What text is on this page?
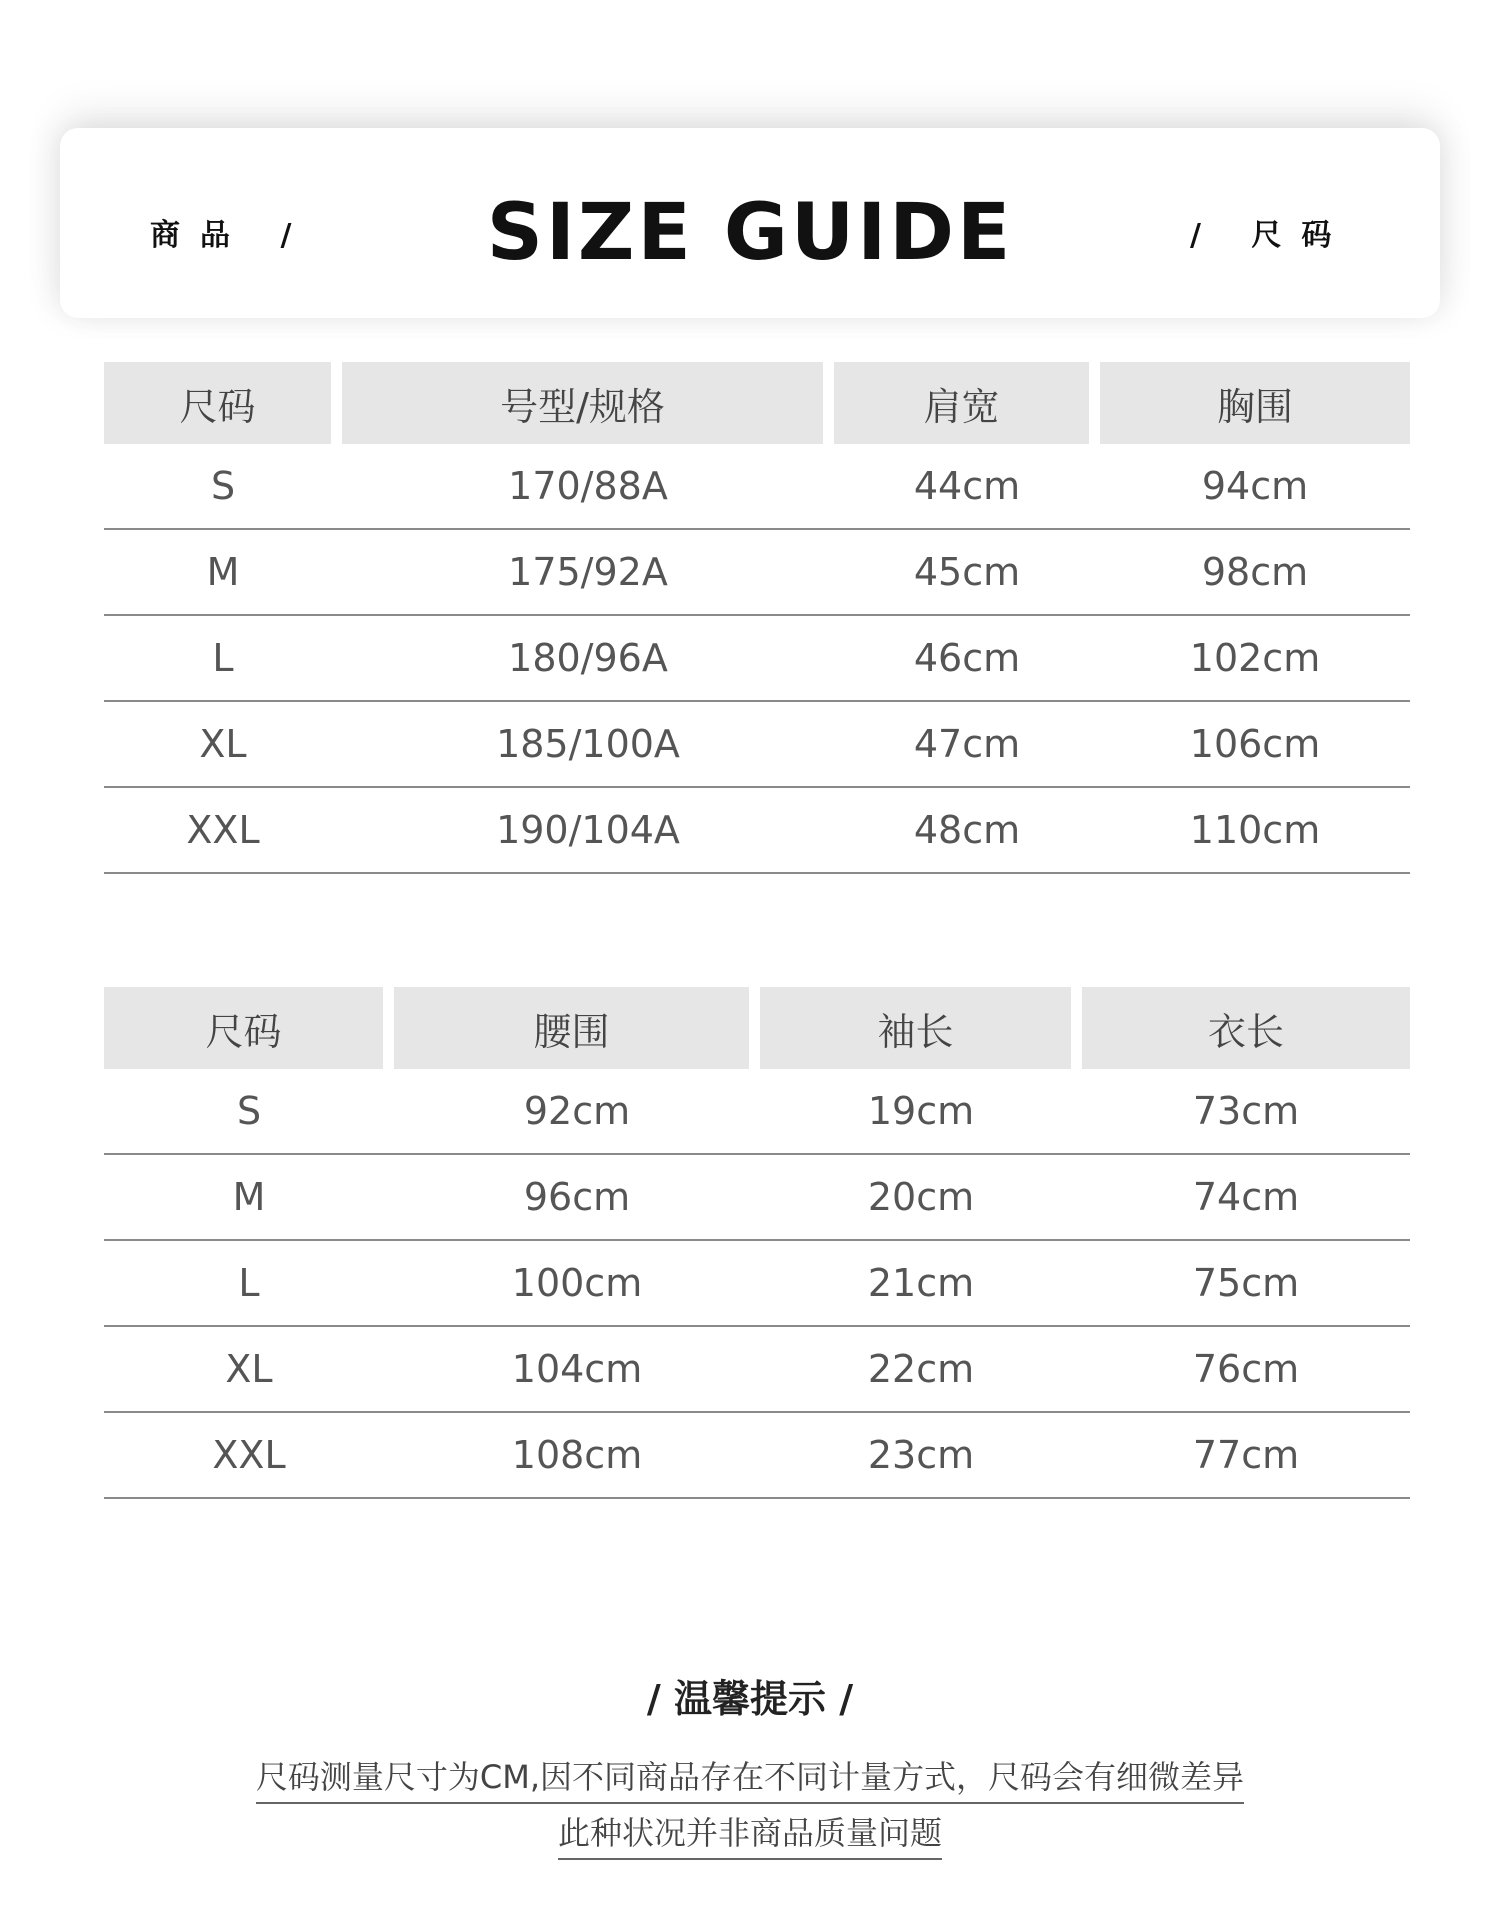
商品 /	SIZE GUIDE	/ 尺码
尺码	号型/规格	肩宽	胸围
S	170/88A	44cm	94cm
M	175/92A	45cm	98cm
L	180/96A	46cm	102cm
XL	185/100A	47cm	106cm
XXL	190/104A	48cm	110cm
尺码	腰围	袖长	衣长
S	92cm	19cm	73cm
M	96cm	20cm	74cm
L	100cm	21cm	75cm
XL	104cm	22cm	76cm
XXL	108cm	23cm	77cm
/ 温馨提示 /
尺码测量尺寸为CM,因不同商品存在不同计量方式，尺码会有细微差异
此种状况并非商品质量问题
